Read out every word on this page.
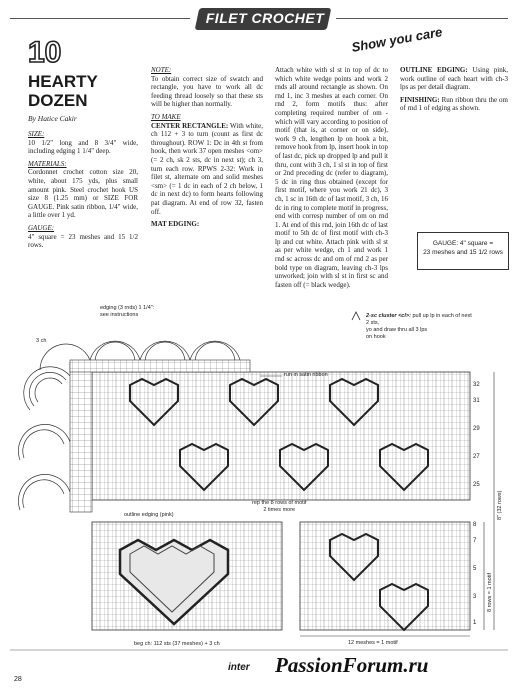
FILET CROCHET
Show you care
10
HEARTY
DOZEN
By Hatice Cakir

SIZE:
10 1/2" long and 8 3/4" wide, including edging 1 1/4" deep.

MATERIALS:
Cordonnet crochet cotton size 20, white, about 175 yds, plus small amount pink. Steel crochet hook US size 8 (1.25 mm) or SIZE FOR GAUGE. Pink satin ribbon, 1/4" wide, a little over 1 yd.

GAUGE:
4" square = 23 meshes and 15 1/2 rows.

NOTE:
To obtain correct size of swatch and rectangle, you have to work all dc feeding thread loosely so that these sts will be higher than normally.

TO MAKE
CENTER RECTANGLE: With white, ch 112 + 3 to turn (count as first dc throughout). ROW 1: Dc in 4th st from hook, then work 37 open meshes <om> (= 2 ch, sk 2 sts, dc in next st); ch 3, turn each row. RPWS 2-32: Work in filet st, alternate om and solid meshes <sm> (= 1 dc in each of 2 ch below, 1 dc in next dc) to form hearts following pat diagram. At end of row 32, fasten off.

MAT EDGING:

Attach white with sl st in top of dc to which white wedge points and work 2 rnds all around rectangle as shown. On rnd 1, inc 3 meshes at each corner. On rnd 2, form motifs thus: after completing required number of om - which will vary according to position of motif (that is, at corner or on side), work 9 ch, lengthen lp on hook a bit, remove hook from lp, insert hook in top of last dc, pick up dropped lp and pull it thru, cont with 3 ch, 1 sl st in top of first or 2nd preceding dc (refer to diagram), 5 dc in ring thus obtained (except for first motif, where you work 21 dc), 3 ch, 1 sc in 16th dc of last motif, 3 ch, 16 dc in ring to complete motif in progress, end with corresp number of om on rnd 1. At end of this rnd, join 16th dc of last motif to 5th dc of first motif with ch-3 lp and cut white. Attach pink with sl st as per white wedge, ch 1 and work 1 rnd sc across dc and om of rnd 2 as per bold type on diagram, leaving ch-3 lps unworked; join with sl st in first sc and fasten off (= black wedge).

OUTLINE EDGING: Using pink, work outline of each heart with ch-3 lps as per detail diagram.

FINISHING: Run ribbon thru the om of rnd 1 of edging as shown.

GAUGE: 4" square =
23 meshes and 15 1/2 rows
edging (3 rnds) 1 1/4":
see instructions
3 ch
run in satin ribbon
2-sc cluster <cl>: pull up lp in each of next 2 sts,
yo and draw thru all 3 lps
on hook
rep the 8 rows of motif
2 times more
outline edging (pink)
beg ch: 112 sts (37 meshes) + 3 ch	12 meshes = 1 motif
8" (32 rows)
8 rows = 1 motif
32
31
29
27
25
8
7
5
3
1
inter PassionForum.ru
28
